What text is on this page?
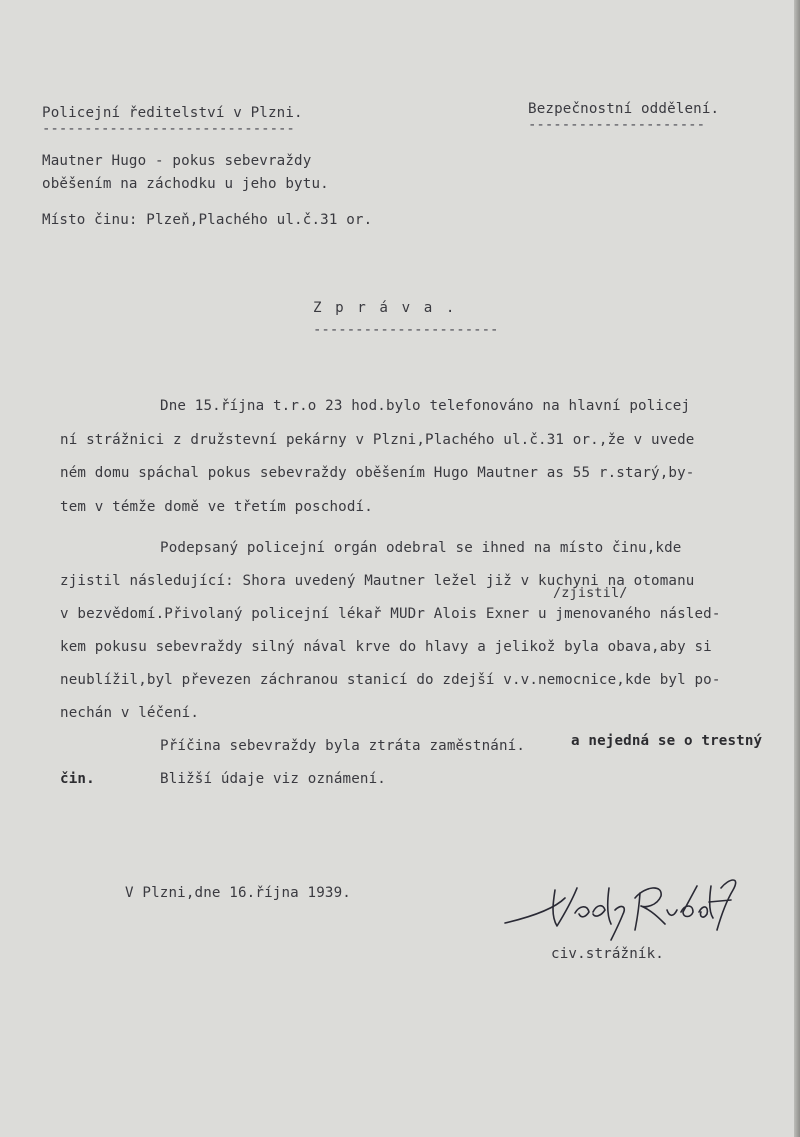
Policejní ředitelství v Plzni.
------------------------------
Bezpečnostní oddělení.
---------------------
Mautner Hugo - pokus sebevraždy
oběšením na záchodku u jeho bytu.
Místo činu: Plzeň,Plachého ul.č.31 or.
Zpráva.
----------------------
Dne 15.října t.r.o 23 hod.bylo telefonováno na hlavní policej
ní strážnici z družstevní pekárny v Plzni,Plachého ul.č.31 or.,že v uvede
ném domu spáchal pokus sebevraždy oběšením Hugo Mautner as 55 r.starý,by-
tem v témže domě ve třetím poschodí.
Podepsaný policejní orgán odebral se ihned na místo činu,kde
zjistil následující: Shora uvedený Mautner ležel již v kuchyni na otomanu
/zjistil/
v bezvědomí.Přivolaný policejní lékař MUDr Alois Exner u jmenovaného násled-
kem pokusu sebevraždy silný nával krve do hlavy a jelikož byla obava,aby si
neublížil,byl převezen záchranou stanicí do zdejší v.v.nemocnice,kde byl po-
nechán v léčení.
Příčina sebevraždy byla ztráta zaměstnání.	a nejedná se o trestný
čin.	Bližší údaje viz oznámení.
V Plzni,dne 16.října 1939.
civ.strážník.
